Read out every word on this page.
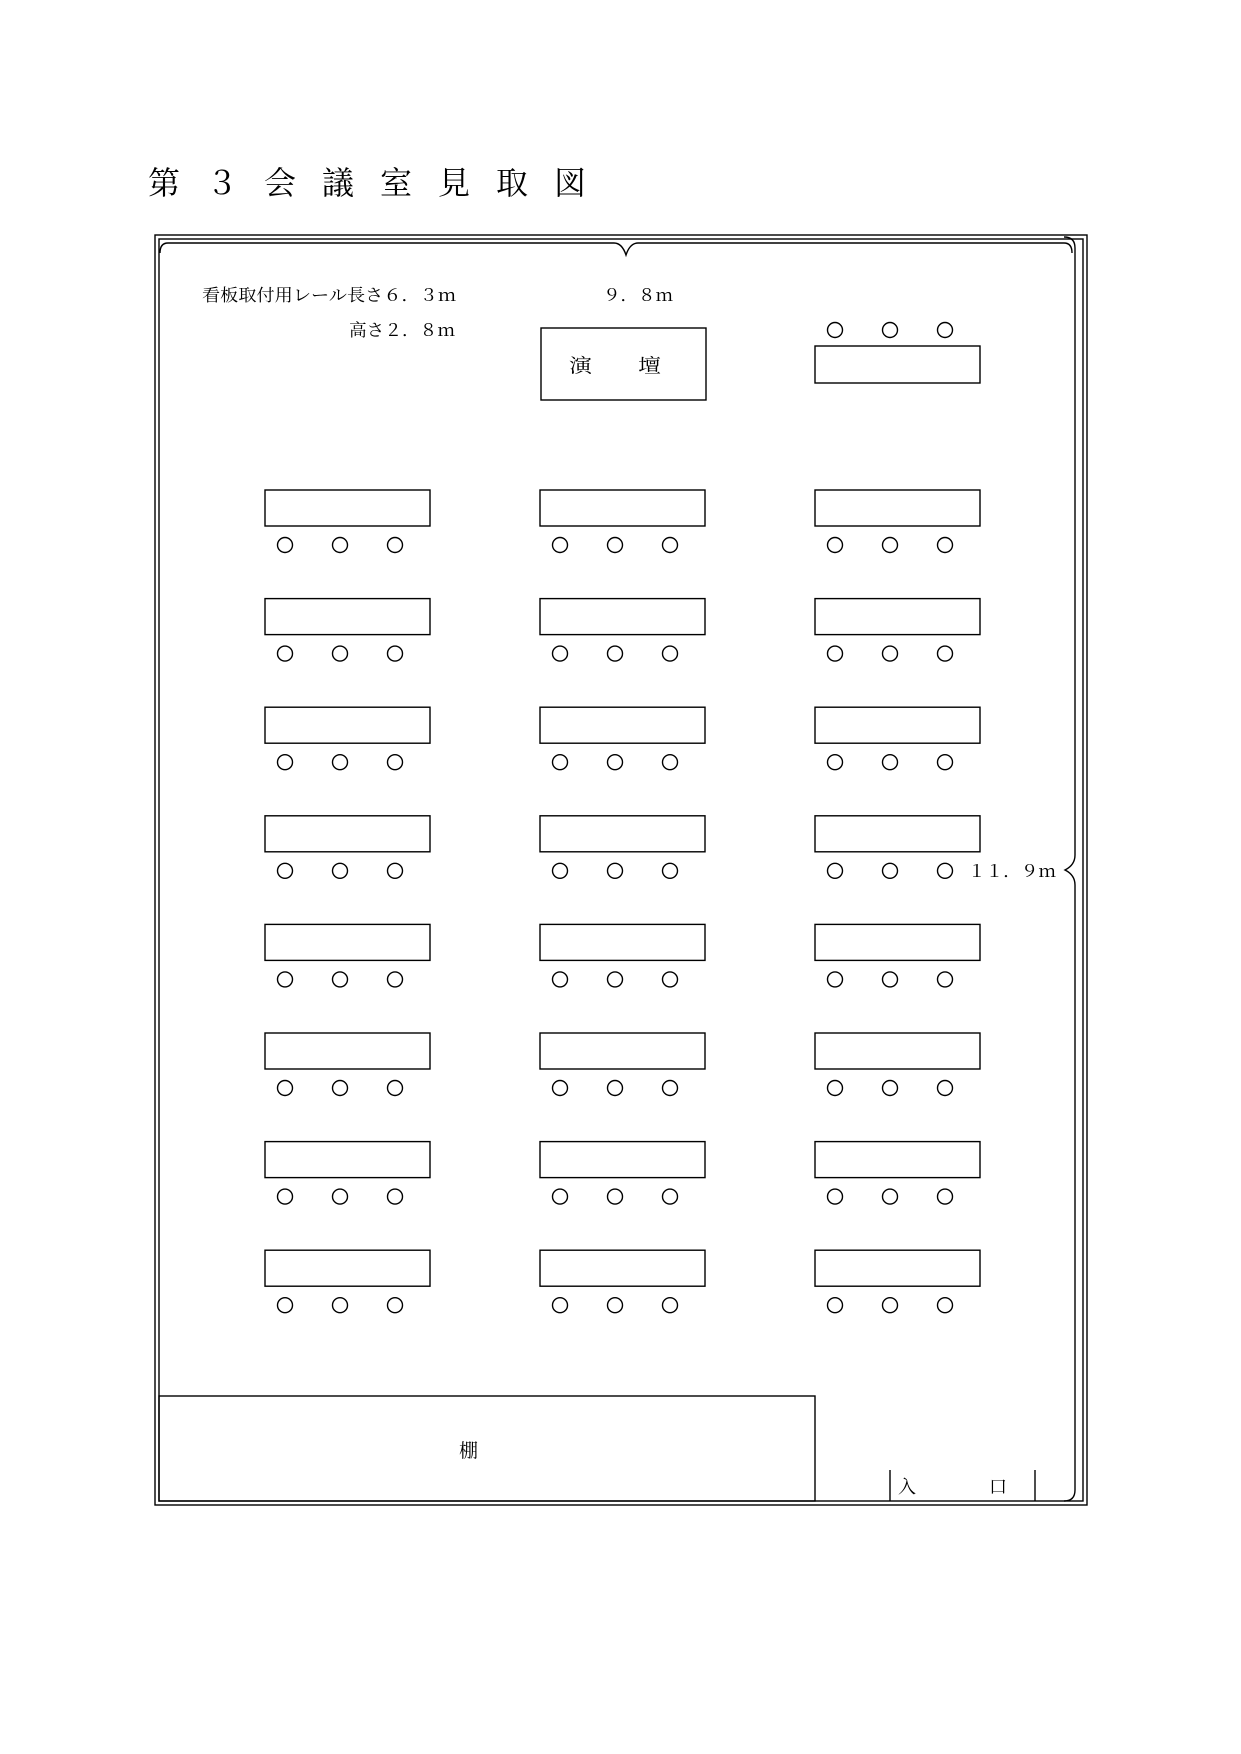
第３会議室見取図
看板取付用レール長さ６．３ｍ
高さ２．８ｍ
９．８ｍ
１１．９ｍ
演　　壇
棚
入	口
